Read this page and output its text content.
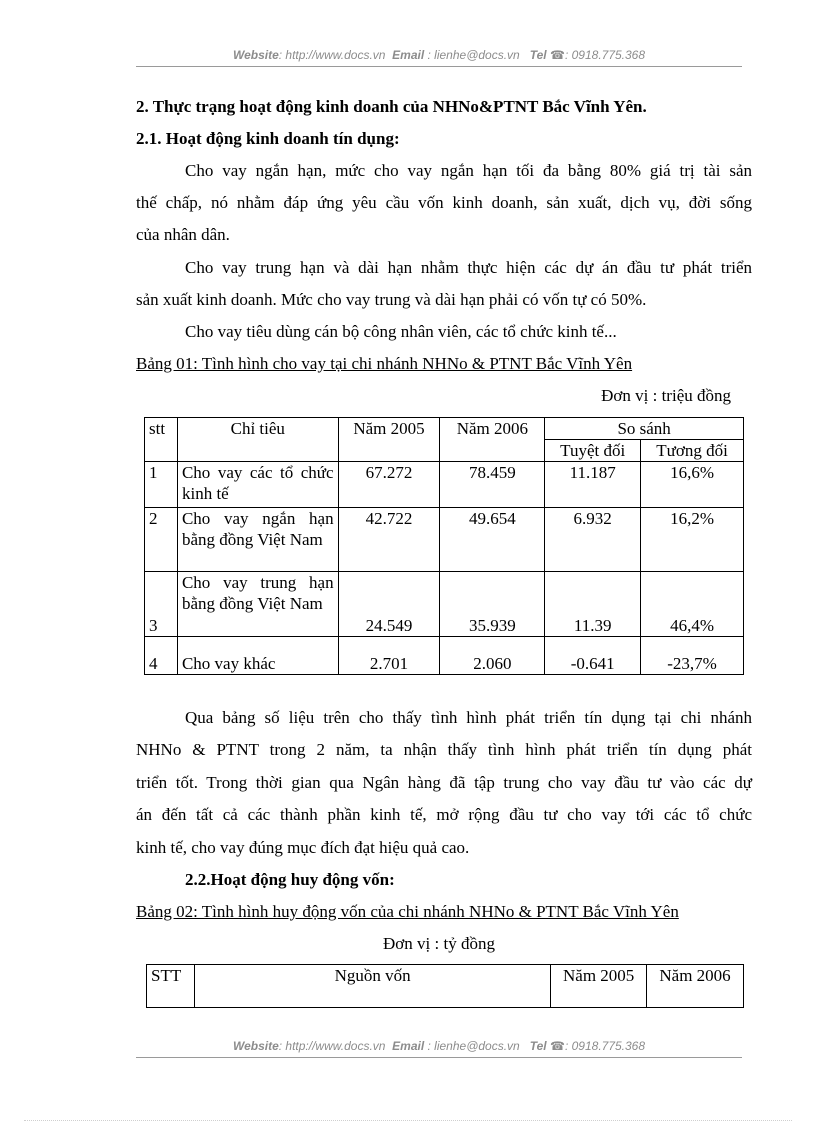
Website: http://www.docs.vn Email : lienhe@docs.vn Tel ☎: 0918.775.368
2. Thực trạng hoạt động kinh doanh của NHNo&PTNT Bắc Vĩnh Yên.
2.1. Hoạt động kinh doanh tín dụng:
Cho vay ngắn hạn, mức cho vay ngắn hạn tối đa bằng 80% giá trị tài sản
thế chấp, nó nhằm đáp ứng yêu cầu vốn kinh doanh, sản xuất, dịch vụ, đời sống
của nhân dân.
Cho vay trung hạn và dài hạn nhằm thực hiện các dự án đầu tư phát triển
sản xuất kinh doanh. Mức cho vay trung và dài hạn phải có vốn tự có 50%.
Cho vay tiêu dùng cán bộ công nhân viên, các tổ chức kinh tế...
Bảng 01: Tình hình cho vay tại chi nhánh NHNo & PTNT Bắc Vĩnh Yên
Đơn vị : triệu đồng
stt	Chỉ tiêu	Năm 2005	Năm 2006	So sánh	
				Tuyệt đối	Tương đối
1	Cho vay các tổ chức kinh tế	67.272	78.459	11.187	16,6%
2	Cho vay ngắn hạn bằng đồng Việt Nam	42.722	49.654	6.932	16,2%
3	Cho vay trung hạn bằng đồng Việt Nam	24.549	35.939	11.39	46,4%
4	Cho vay khác	2.701	2.060	-0.641	-23,7%
Qua bảng số liệu trên cho thấy tình hình phát triển tín dụng tại chi nhánh
NHNo & PTNT trong 2 năm, ta nhận thấy tình hình phát triển tín dụng phát
triển tốt. Trong thời gian qua Ngân hàng đã tập trung cho vay đầu tư vào các dự
án đến tất cả các thành phần kinh tế, mở rộng đầu tư cho vay tới các tổ chức
kinh tế, cho vay đúng mục đích đạt hiệu quả cao.
2.2.Hoạt động huy động vốn:
Bảng 02: Tình hình huy động vốn của chi nhánh NHNo & PTNT Bắc Vĩnh Yên
Đơn vị : tỷ đồng
STT	Nguồn vốn	Năm 2005	Năm 2006
Website: http://www.docs.vn Email : lienhe@docs.vn Tel ☎: 0918.775.368
